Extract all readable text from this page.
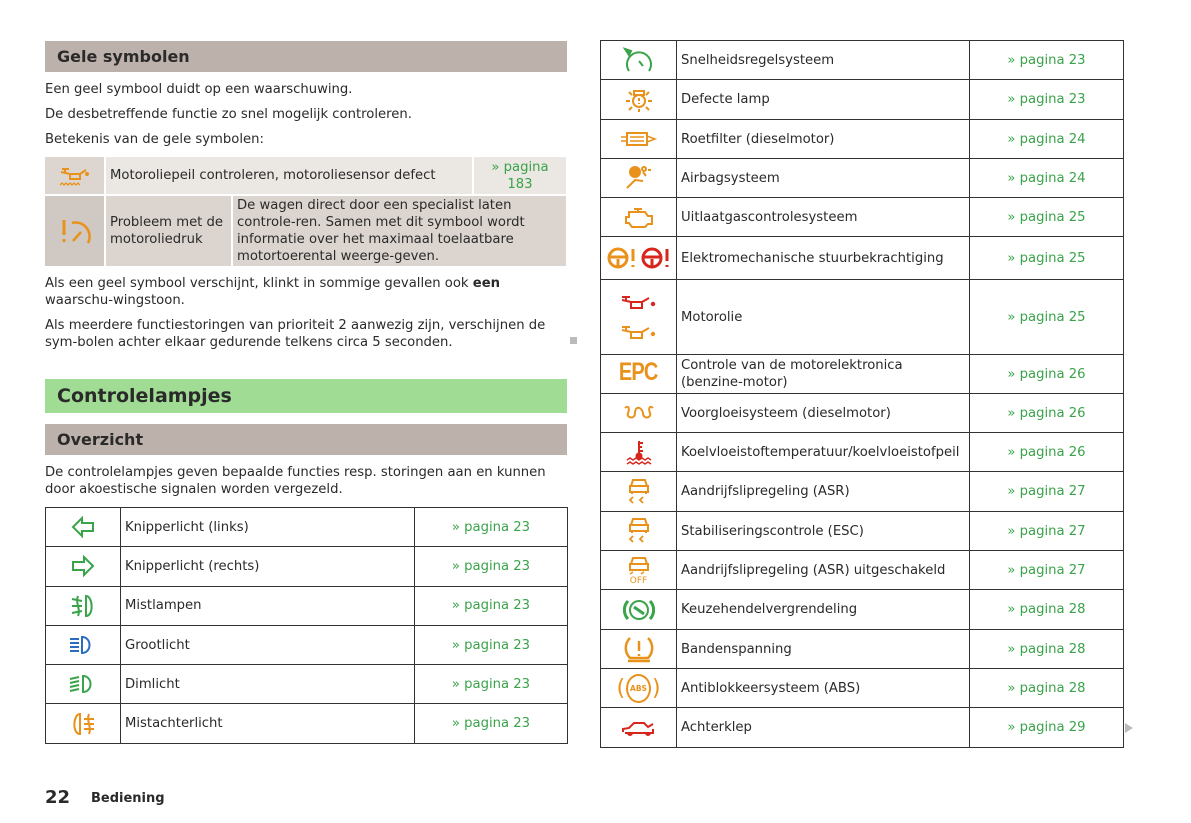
Gele symbolen
Een geel symbool duidt op een waarschuwing.
De desbetreffende functie zo snel mogelijk controleren.
Betekenis van de gele symbolen:
	Motoroliepeil controleren, motoroliesensor defect		» pagina 183
	Probleem met de motoroliedruk	De wagen direct door een specialist laten controle-ren. Samen met dit symbool wordt informatie over het maximaal toelaatbare motortoerental weerge-geven.	
Als een geel symbool verschijnt, klinkt in sommige gevallen ook een waarschu-wingstoon.
Als meerdere functiestoringen van prioriteit 2 aanwezig zijn, verschijnen de sym-bolen achter elkaar gedurende telkens circa 5 seconden.
Controlelampjes
Overzicht
De controlelampjes geven bepaalde functies resp. storingen aan en kunnen door akoestische signalen worden vergezeld.
	Knipperlicht (links)	» pagina 23
	Knipperlicht (rechts)	» pagina 23
	Mistlampen	» pagina 23
	Grootlicht	» pagina 23
	Dimlicht	» pagina 23
	Mistachterlicht	» pagina 23
	Snelheidsregelsysteem	» pagina 23
	Defecte lamp	» pagina 23
	Roetfilter (dieselmotor)	» pagina 24
	Airbagsysteem	» pagina 24
	Uitlaatgascontrolesysteem	» pagina 25
	Elektromechanische stuurbekrachtiging	» pagina 25

	Motorolie	» pagina 25
EPC	Controle van de motorelektronica (benzine-motor)	» pagina 26
	Voorgloeisysteem (dieselmotor)	» pagina 26
	Koelvloeistoftemperatuur/koelvloeistofpeil	» pagina 26
	Aandrijfslipregeling (ASR)	» pagina 27
	Stabiliseringscontrole (ESC)	» pagina 27

OFF	Aandrijfslipregeling (ASR) uitgeschakeld	» pagina 27
	Keuzehendelvergrendeling	» pagina 28
	Bandenspanning	» pagina 28

( ABS )	Antiblokkeersysteem (ABS)	» pagina 28
	Achterklep	» pagina 29
22 Bediening
